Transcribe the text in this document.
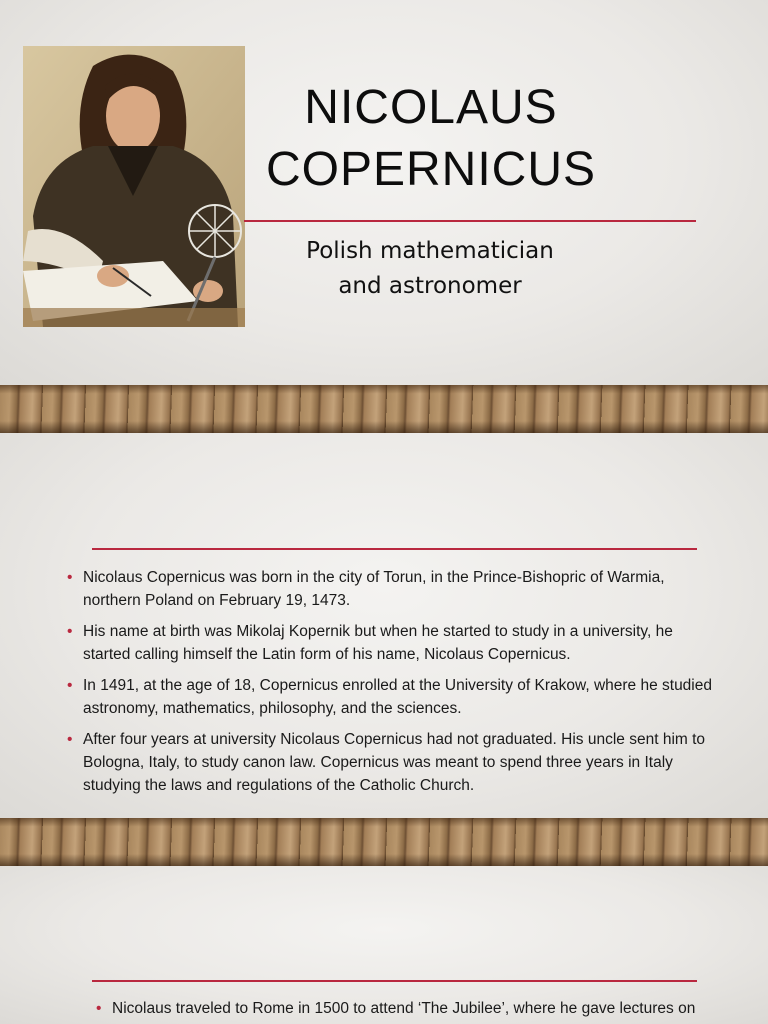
NICOLAUS
COPERNICUS
Polish mathematician
and astronomer
• Nicolaus Copernicus was born in the city of Torun, in the Prince-Bishopric of Warmia, northern Poland on February 19, 1473.
• His name at birth was Mikolaj Kopernik but when he started to study in a university, he started calling himself the Latin form of his name, Nicolaus Copernicus.
• In 1491, at the age of 18, Copernicus enrolled at the University of Krakow, where he studied astronomy, mathematics, philosophy, and the sciences.
• After four years at university Nicolaus Copernicus had not graduated. His uncle sent him to Bologna, Italy, to study canon law. Copernicus was meant to spend three years in Italy studying the laws and regulations of the Catholic Church.
• Nicolaus traveled to Rome in 1500 to attend ‘The Jubilee’, where he gave lectures on
